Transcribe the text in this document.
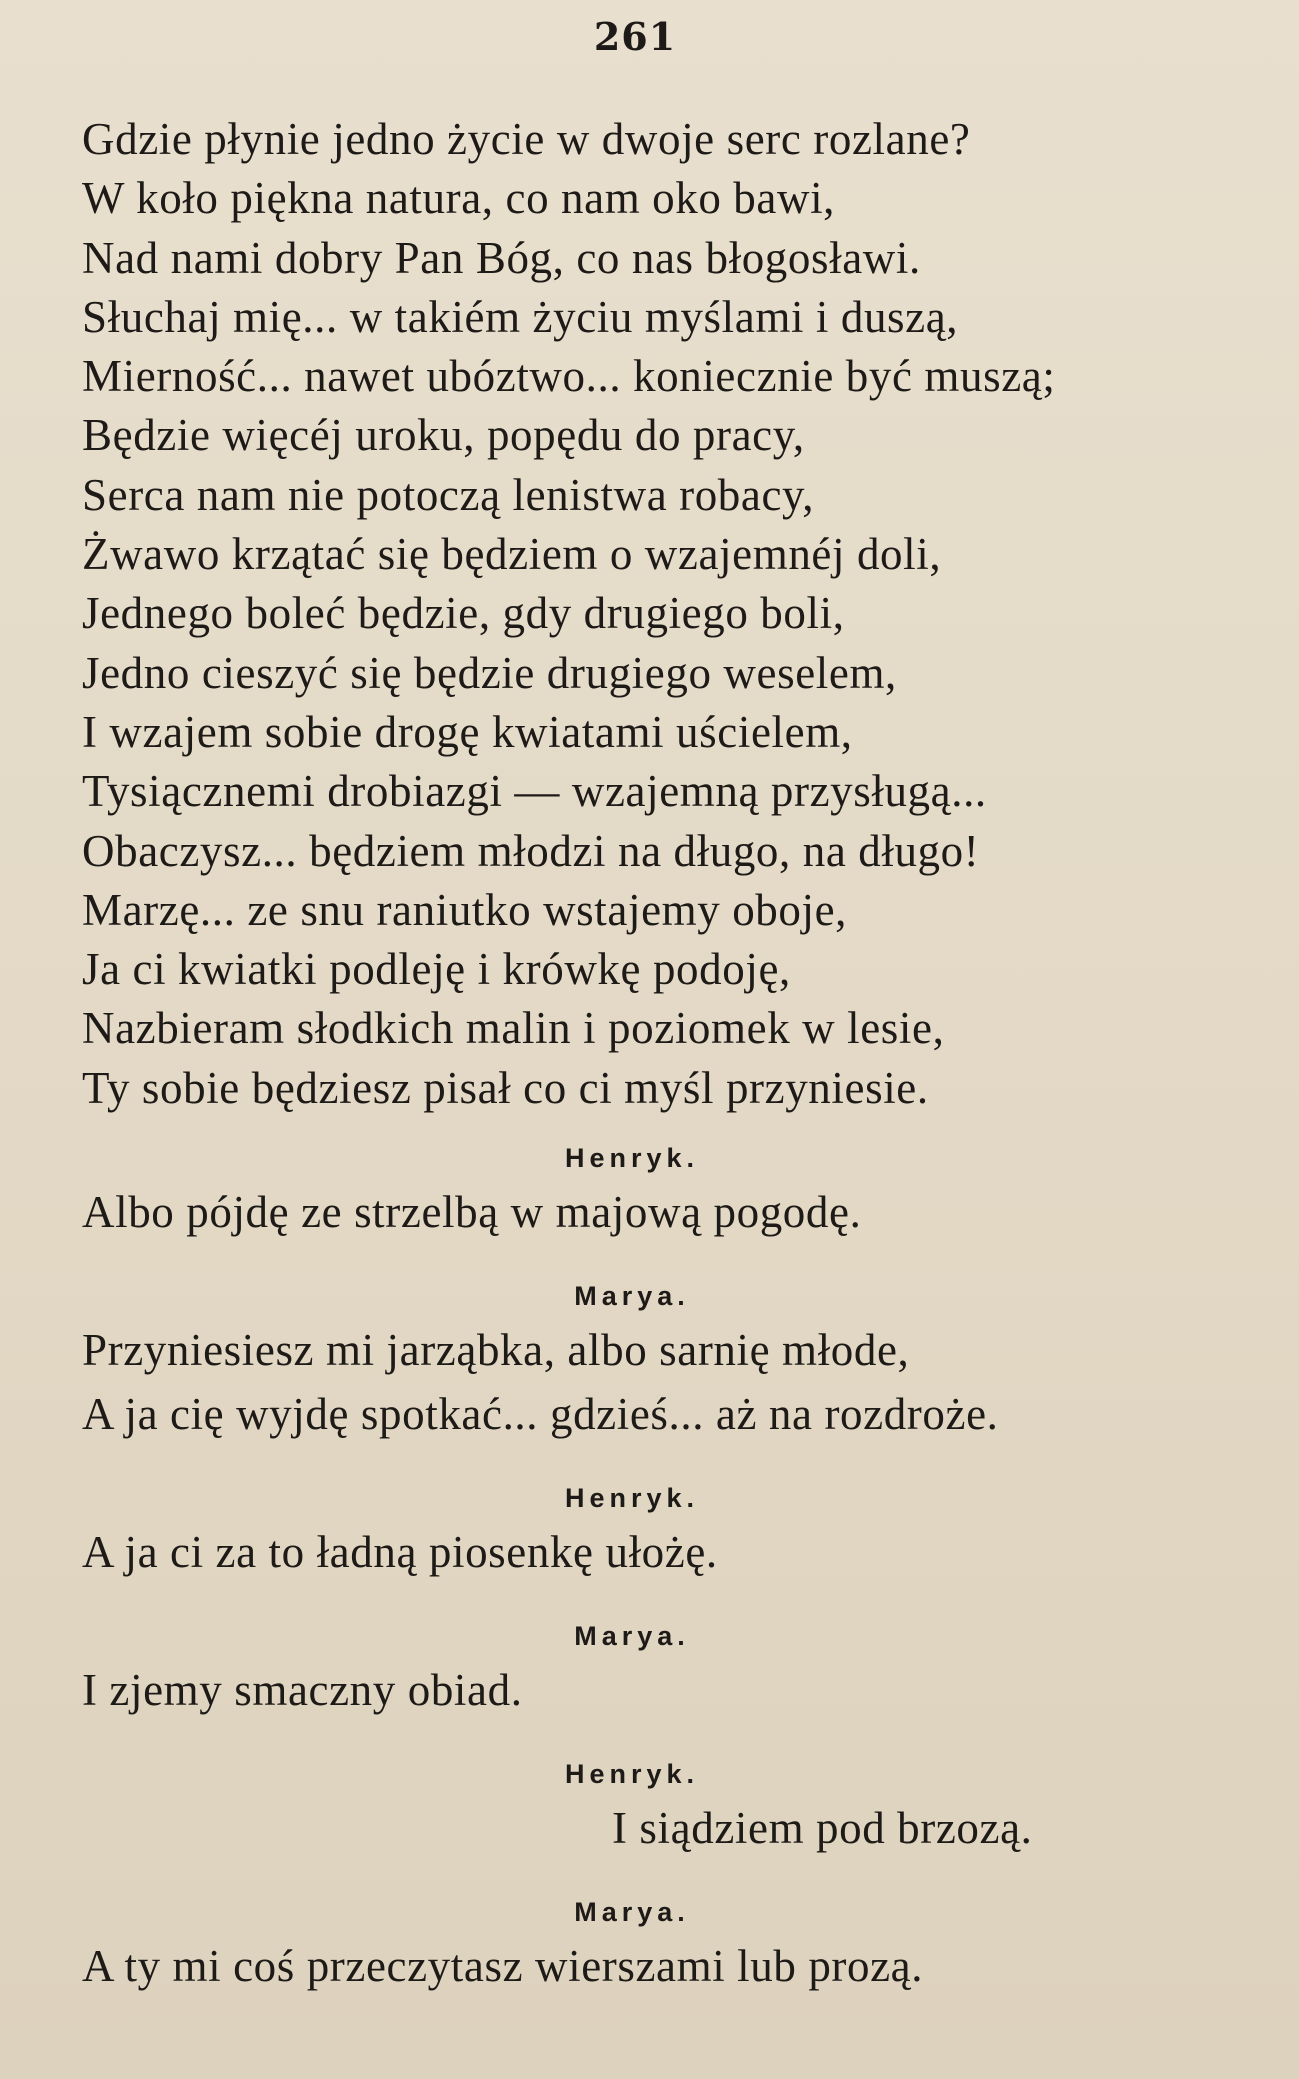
261
Gdzie płynie jedno życie w dwoje serc rozlane?
W koło piękna natura, co nam oko bawi,
Nad nami dobry Pan Bóg, co nas błogosławi.
Słuchaj mię... w takiém życiu myślami i duszą,
Mierność... nawet ubóztwo... koniecznie być muszą;
Będzie więcéj uroku, popędu do pracy,
Serca nam nie potoczą lenistwa robacy,
Żwawo krzątać się będziem o wzajemnéj doli,
Jednego boleć będzie, gdy drugiego boli,
Jedno cieszyć się będzie drugiego weselem,
I wzajem sobie drogę kwiatami uścielem,
Tysiącznemi drobiazgi — wzajemną przysługą...
Obaczysz... będziem młodzi na długo, na długo!
Marzę... ze snu raniutko wstajemy oboje,
Ja ci kwiatki podleję i krówkę podoję,
Nazbieram słodkich malin i poziomek w lesie,
Ty sobie będziesz pisał co ci myśl przyniesie.
Henryk.
Albo pójdę ze strzelbą w majową pogodę.
Marya.
Przyniesiesz mi jarząbka, albo sarnię młode,
A ja cię wyjdę spotkać... gdzieś... aż na rozdroże.
Henryk.
A ja ci za to ładną piosenkę ułożę.
Marya.
I zjemy smaczny obiad.
Henryk.
I siądziem pod brzozą.
Marya.
A ty mi coś przeczytasz wierszami lub prozą.
